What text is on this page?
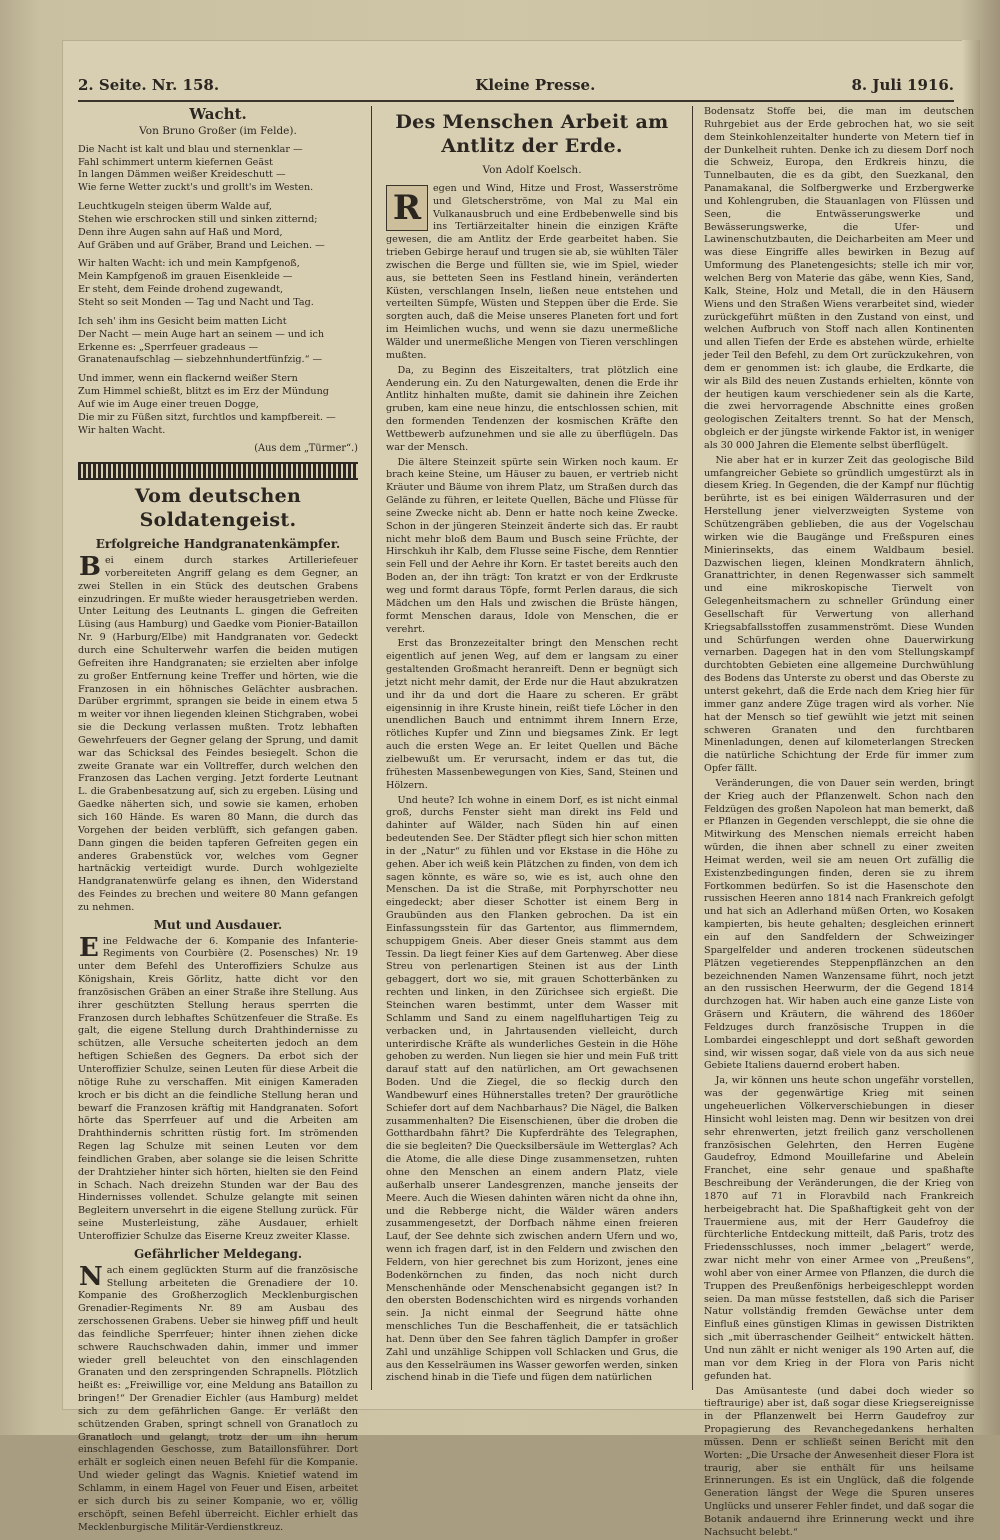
2. Seite. Nr. 158.	Kleine Presse.	8. Juli 1916.
Wacht.
Von Bruno Großer (im Felde).

Die Nacht ist kalt und blau und sternenklar —

Fahl schimmert unterm kiefernen Geäst

In langen Dämmen weißer Kreideschutt —

Wie ferne Wetter zuckt's und grollt's im Westen.

Leuchtkugeln steigen überm Walde auf,

Stehen wie erschrocken still und sinken zitternd;

Denn ihre Augen sahn auf Haß und Mord,

Auf Gräben und auf Gräber, Brand und Leichen. —

Wir halten Wacht: ich und mein Kampfgenoß,

Mein Kampfgenoß im grauen Eisenkleide —

Er steht, dem Feinde drohend zugewandt,

Steht so seit Monden — Tag und Nacht und Tag.

Ich seh' ihm ins Gesicht beim matten Licht

Der Nacht — mein Auge hart an seinem — und ich

Erkenne es: „Sperrfeuer gradeaus —

Granatenaufschlag — siebzehnhundertfünfzig.“ —

Und immer, wenn ein flackernd weißer Stern

Zum Himmel schießt, blitzt es im Erz der Mündung

Auf wie im Auge einer treuen Dogge,

Die mir zu Füßen sitzt, furchtlos und kampfbereit. —

Wir halten Wacht.

(Aus dem „Türmer“.)
Vom deutschen Soldatengeist.
Erfolgreiche Handgranatenkämpfer.

Bei einem durch starkes Artilleriefeuer vorbereiteten Angriff gelang es dem Gegner, an zwei Stellen in ein Stück des deutschen Grabens einzudringen. Er mußte wieder herausgetrieben werden. Unter Leitung des Leutnants L. gingen die Gefreiten Lüsing (aus Hamburg) und Gaedke vom Pionier-Bataillon Nr. 9 (Harburg/Elbe) mit Handgranaten vor. Gedeckt durch eine Schulterwehr warfen die beiden mutigen Gefreiten ihre Handgranaten; sie erzielten aber infolge zu großer Entfernung keine Treffer und hörten, wie die Franzosen in ein höhnisches Gelächter ausbrachen. Darüber ergrimmt, sprangen sie beide in einem etwa 5 m weiter vor ihnen liegenden kleinen Stichgraben, wobei sie die Deckung verlassen mußten. Trotz lebhaften Gewehrfeuers der Gegner gelang der Sprung, und damit war das Schicksal des Feindes besiegelt. Schon die zweite Granate war ein Volltreffer, durch welchen den Franzosen das Lachen verging. Jetzt forderte Leutnant L. die Grabenbesatzung auf, sich zu ergeben. Lüsing und Gaedke näherten sich, und sowie sie kamen, erhoben sich 160 Hände. Es waren 80 Mann, die durch das Vorgehen der beiden verblüfft, sich gefangen gaben. Dann gingen die beiden tapferen Gefreiten gegen ein anderes Grabenstück vor, welches vom Gegner hartnäckig verteidigt wurde. Durch wohlgezielte Handgranatenwürfe gelang es ihnen, den Widerstand des Feindes zu brechen und weitere 80 Mann gefangen zu nehmen.

Mut und Ausdauer.

Eine Feldwache der 6. Kompanie des Infanterie-Regiments von Courbière (2. Posensches) Nr. 19 unter dem Befehl des Unteroffiziers Schulze aus Königshain, Kreis Görlitz, hatte dicht vor den französischen Gräben an einer Straße ihre Stellung. Aus ihrer geschützten Stellung heraus sperrten die Franzosen durch lebhaftes Schützenfeuer die Straße. Es galt, die eigene Stellung durch Drahthindernisse zu schützen, alle Versuche scheiterten jedoch an dem heftigen Schießen des Gegners. Da erbot sich der Unteroffizier Schulze, seinen Leuten für diese Arbeit die nötige Ruhe zu verschaffen. Mit einigen Kameraden kroch er bis dicht an die feindliche Stellung heran und bewarf die Franzosen kräftig mit Handgranaten. Sofort hörte das Sperrfeuer auf und die Arbeiten am Drahthindernis schritten rüstig fort. Im strömenden Regen lag Schulze mit seinen Leuten vor dem feindlichen Graben, aber solange sie die leisen Schritte der Drahtzieher hinter sich hörten, hielten sie den Feind in Schach. Nach dreizehn Stunden war der Bau des Hindernisses vollendet. Schulze gelangte mit seinen Begleitern unversehrt in die eigene Stellung zurück. Für seine Musterleistung, zähe Ausdauer, erhielt Unteroffizier Schulze das Eiserne Kreuz zweiter Klasse.

Gefährlicher Meldegang.

Nach einem geglückten Sturm auf die französische Stellung arbeiteten die Grenadiere der 10. Kompanie des Großherzoglich Mecklenburgischen Grenadier-Regiments Nr. 89 am Ausbau des zerschossenen Grabens. Ueber sie hinweg pfiff und heult das feindliche Sperrfeuer; hinter ihnen ziehen dicke schwere Rauchschwaden dahin, immer und immer wieder grell beleuchtet von den einschlagenden Granaten und den zerspringenden Schrapnells. Plötzlich heißt es: „Freiwillige vor, eine Meldung ans Bataillon zu bringen!“ Der Grenadier Eichler (aus Hamburg) meldet sich zu dem gefährlichen Gange. Er verläßt den schützenden Graben, springt schnell von Granatloch zu Granatloch und gelangt, trotz der um ihn herum einschlagenden Geschosse, zum Bataillonsführer. Dort erhält er sogleich einen neuen Befehl für die Kompanie. Und wieder gelingt das Wagnis. Knietief watend im Schlamm, in einem Hagel von Feuer und Eisen, arbeitet er sich durch bis zu seiner Kompanie, wo er, völlig erschöpft, seinen Befehl überreicht. Eichler erhielt das Mecklenburgische Militär-Verdienstkreuz.

Des Menschen Arbeit am Antlitz der Erde.
Von Adolf Koelsch.

R	egen und Wind, Hitze und Frost, Wasserströme und Gletscherströme, von Mal zu Mal ein Vulkanausbruch und eine Erdbebenwelle sind bis ins Tertiärzeitalter hinein die einzigen Kräfte gewesen, die am Antlitz der Erde gearbeitet haben. Sie trieben Gebirge herauf und trugen sie ab, sie wühlten Täler zwischen die Berge und füllten sie, wie im Spiel, wieder aus, sie betteten Seen ins Festland hinein, veränderten Küsten, verschlangen Inseln, ließen neue entstehen und verteilten Sümpfe, Wüsten und Steppen über die Erde. Sie sorgten auch, daß die Meise unseres Planeten fort und fort im Heimlichen wuchs, und wenn sie dazu unermeßliche Wälder und unermeßliche Mengen von Tieren verschlingen mußten.

Da, zu Beginn des Eiszeitalters, trat plötzlich eine Aenderung ein. Zu den Naturgewalten, denen die Erde ihr Antlitz hinhalten mußte, damit sie dahinein ihre Zeichen gruben, kam eine neue hinzu, die entschlossen schien, mit den formenden Tendenzen der kosmischen Kräfte den Wettbewerb aufzunehmen und sie alle zu überflügeln. Das war der Mensch.

Die ältere Steinzeit spürte sein Wirken noch kaum. Er brach keine Steine, um Häuser zu bauen, er vertrieb nicht Kräuter und Bäume von ihrem Platz, um Straßen durch das Gelände zu führen, er leitete Quellen, Bäche und Flüsse für seine Zwecke nicht ab. Denn er hatte noch keine Zwecke. Schon in der jüngeren Steinzeit änderte sich das. Er raubt nicht mehr bloß dem Baum und Busch seine Früchte, der Hirschkuh ihr Kalb, dem Flusse seine Fische, dem Renntier sein Fell und der Aehre ihr Korn. Er tastet bereits auch den Boden an, der ihn trägt: Ton kratzt er von der Erdkruste weg und formt daraus Töpfe, formt Perlen daraus, die sich Mädchen um den Hals und zwischen die Brüste hängen, formt Menschen daraus, Idole von Menschen, die er verehrt.

Erst das Bronzezeitalter bringt den Menschen recht eigentlich auf jenen Weg, auf dem er langsam zu einer gestaltenden Großmacht heranreift. Denn er begnügt sich jetzt nicht mehr damit, der Erde nur die Haut abzukratzen und ihr da und dort die Haare zu scheren. Er gräbt eigensinnig in ihre Kruste hinein, reißt tiefe Löcher in den unendlichen Bauch und entnimmt ihrem Innern Erze, rötliches Kupfer und Zinn und biegsames Zink. Er legt auch die ersten Wege an. Er leitet Quellen und Bäche zielbewußt um. Er verursacht, indem er das tut, die frühesten Massenbewegungen von Kies, Sand, Steinen und Hölzern.

Und heute? Ich wohne in einem Dorf, es ist nicht einmal groß, durchs Fenster sieht man direkt ins Feld und dahinter auf Wälder, nach Süden hin auf einen bedeutenden See. Der Städter pflegt sich hier schon mitten in der „Natur“ zu fühlen und vor Ekstase in die Höhe zu gehen. Aber ich weiß kein Plätzchen zu finden, von dem ich sagen könnte, es wäre so, wie es ist, auch ohne den Menschen. Da ist die Straße, mit Porphyrschotter neu eingedeckt; aber dieser Schotter ist einem Berg in Graubünden aus den Flanken gebrochen. Da ist ein Einfassungsstein für das Gartentor, aus flimmerndem, schuppigem Gneis. Aber dieser Gneis stammt aus dem Tessin. Da liegt feiner Kies auf dem Gartenweg. Aber diese Streu von perlenartigen Steinen ist aus der Linth gebaggert, dort wo sie, mit grauen Schotterbänken zu rechten und linken, in den Zürichsee sich ergießt. Die Steinchen waren bestimmt, unter dem Wasser mit Schlamm und Sand zu einem nagelfluhartigen Teig zu verbacken und, in Jahrtausenden vielleicht, durch unterirdische Kräfte als wunderliches Gestein in die Höhe gehoben zu werden. Nun liegen sie hier und mein Fuß tritt darauf statt auf den natürlichen, am Ort gewachsenen Boden. Und die Ziegel, die so fleckig durch den Wandbewurf eines Hühnerstalles treten? Der graurötliche Schiefer dort auf dem Nachbarhaus? Die Nägel, die Balken zusammenhalten? Die Eisenschienen, über die droben die Gotthardbahn fährt? Die Kupferdrähte des Telegraphen, die sie begleiten? Die Quecksilbersäule im Wetterglas? Ach die Atome, die alle diese Dinge zusammensetzen, ruhten ohne den Menschen an einem andern Platz, viele außerhalb unserer Landesgrenzen, manche jenseits der Meere. Auch die Wiesen dahinten wären nicht da ohne ihn, und die Rebberge nicht, die Wälder wären anders zusammengesetzt, der Dorfbach nähme einen freieren Lauf, der See dehnte sich zwischen andern Ufern und wo, wenn ich fragen darf, ist in den Feldern und zwischen den Feldern, von hier gerechnet bis zum Horizont, jenes eine Bodenkörnchen zu finden, das noch nicht durch Menschenhände oder Menschenabsicht gegangen ist? In den obersten Bodenschichten wird es nirgends vorhanden sein. Ja nicht einmal der Seegrund hätte ohne menschliches Tun die Beschaffenheit, die er tatsächlich hat. Denn über den See fahren täglich Dampfer in großer Zahl und unzählige Schippen voll Schlacken und Grus, die aus den Kesselräumen ins Wasser geworfen werden, sinken zischend hinab in die Tiefe und fügen dem natürlichen

Bodensatz Stoffe bei, die man im deutschen Ruhrgebiet aus der Erde gebrochen hat, wo sie seit dem Steinkohlenzeitalter hunderte von Metern tief in der Dunkelheit ruhten. Denke ich zu diesem Dorf noch die Schweiz, Europa, den Erdkreis hinzu, die Tunnelbauten, die es da gibt, den Suezkanal, den Panamakanal, die Solfbergwerke und Erzbergwerke und Kohlengruben, die Stauanlagen von Flüssen und Seen, die Entwässerungswerke und Bewässerungswerke, die Ufer- und Lawinenschutzbauten, die Deicharbeiten am Meer und was diese Eingriffe alles bewirken in Bezug auf Umformung des Planetengesichts; stelle ich mir vor, welchen Berg von Materie das gäbe, wenn Kies, Sand, Kalk, Steine, Holz und Metall, die in den Häusern Wiens und den Straßen Wiens verarbeitet sind, wieder zurückgeführt müßten in den Zustand von einst, und welchen Aufbruch von Stoff nach allen Kontinenten und allen Tiefen der Erde es abstehen würde, erhielte jeder Teil den Befehl, zu dem Ort zurückzukehren, von dem er genommen ist: ich glaube, die Erdkarte, die wir als Bild des neuen Zustands erhielten, könnte von der heutigen kaum verschiedener sein als die Karte, die zwei hervorragende Abschnitte eines großen geologischen Zeitalters trennt. So hat der Mensch, obgleich er der jüngste wirkende Faktor ist, in weniger als 30 000 Jahren die Elemente selbst überflügelt.

Nie aber hat er in kurzer Zeit das geologische Bild umfangreicher Gebiete so gründlich umgestürzt als in diesem Krieg. In Gegenden, die der Kampf nur flüchtig berührte, ist es bei einigen Wälderrasuren und der Herstellung jener vielverzweigten Systeme von Schützengräben geblieben, die aus der Vogelschau wirken wie die Baugänge und Freßspuren eines Minierinsekts, das einem Waldbaum besiel. Dazwischen liegen, kleinen Mondkratern ähnlich, Granattrichter, in denen Regenwasser sich sammelt und eine mikroskopische Tierwelt von Gelegenheitsmachern zu schneller Gründung einer Gesellschaft für Verwertung von allerhand Kriegsabfallsstoffen zusammenströmt. Diese Wunden und Schürfungen werden ohne Dauerwirkung vernarben. Dagegen hat in den vom Stellungskampf durchtobten Gebieten eine allgemeine Durchwühlung des Bodens das Unterste zu oberst und das Oberste zu unterst gekehrt, daß die Erde nach dem Krieg hier für immer ganz andere Züge tragen wird als vorher. Nie hat der Mensch so tief gewühlt wie jetzt mit seinen schweren Granaten und den furchtbaren Minenladungen, denen auf kilometerlangen Strecken die natürliche Schichtung der Erde für immer zum Opfer fällt.

Veränderungen, die von Dauer sein werden, bringt der Krieg auch der Pflanzenwelt. Schon nach den Feldzügen des großen Napoleon hat man bemerkt, daß er Pflanzen in Gegenden verschleppt, die sie ohne die Mitwirkung des Menschen niemals erreicht haben würden, die ihnen aber schnell zu einer zweiten Heimat werden, weil sie am neuen Ort zufällig die Existenzbedingungen finden, deren sie zu ihrem Fortkommen bedürfen. So ist die Hasenschote den russischen Heeren anno 1814 nach Frankreich gefolgt und hat sich an Adlerhand müßen Orten, wo Kosaken kampierten, bis heute gehalten; desgleichen erinnert ein auf den Sandfeldern der Schweizinger Spargelfelder und anderen trockenen südeutschen Plätzen vegetierendes Steppenpflänzchen an den bezeichnenden Namen Wanzensame führt, noch jetzt an den russischen Heerwurm, der die Gegend 1814 durchzogen hat. Wir haben auch eine ganze Liste von Gräsern und Kräutern, die während des 1860er Feldzuges durch französische Truppen in die Lombardei eingeschleppt und dort seßhaft geworden sind, wir wissen sogar, daß viele von da aus sich neue Gebiete Italiens dauernd erobert haben.

Ja, wir können uns heute schon ungefähr vorstellen, was der gegenwärtige Krieg mit seinen ungeheuerlichen Völkerverschiebungen in dieser Hinsicht wohl leisten mag. Denn wir besitzen von drei sehr ehrenwerten, jetzt freilich ganz verschollenen französischen Gelehrten, den Herren Eugène Gaudefroy, Edmond Mouillefarine und Abelein Franchet, eine sehr genaue und spaßhafte Beschreibung der Veränderungen, die der Krieg von 1870 auf 71 in Floravbild nach Frankreich herbeigebracht hat. Die Spaßhaftigkeit geht von der Trauermiene aus, mit der Herr Gaudefroy die fürchterliche Entdeckung mitteilt, daß Paris, trotz des Friedensschlusses, noch immer „belagert“ werde, zwar nicht mehr von einer Armee von „Preußens“, wohl aber von einer Armee von Pflanzen, die durch die Truppen des Preußenfönigs herbeigeschleppt worden seien. Da man müsse feststellen, daß sich die Pariser Natur vollständig fremden Gewächse unter dem Einfluß eines günstigen Klimas in gewissen Distrikten sich „mit überraschender Geilheit“ entwickelt hätten. Und nun zählt er nicht weniger als 190 Arten auf, die man vor dem Krieg in der Flora von Paris nicht gefunden hat.

Das Amüsanteste (und dabei doch wieder so tieftraurige) aber ist, daß sogar diese Kriegsereignisse in der Pflanzenwelt bei Herrn Gaudefroy zur Propagierung des Revanchegedankens herhalten müssen. Denn er schließt seinen Bericht mit den Worten: „Die Ursache der Anwesenheit dieser Flora ist traurig, aber sie enthält für uns heilsame Erinnerungen. Es ist ein Unglück, daß die folgende Generation längst der Wege die Spuren unseres Unglücks und unserer Fehler findet, und daß sogar die Botanik andauernd ihre Erinnerung weckt und ihre Nachsucht belebt.“
